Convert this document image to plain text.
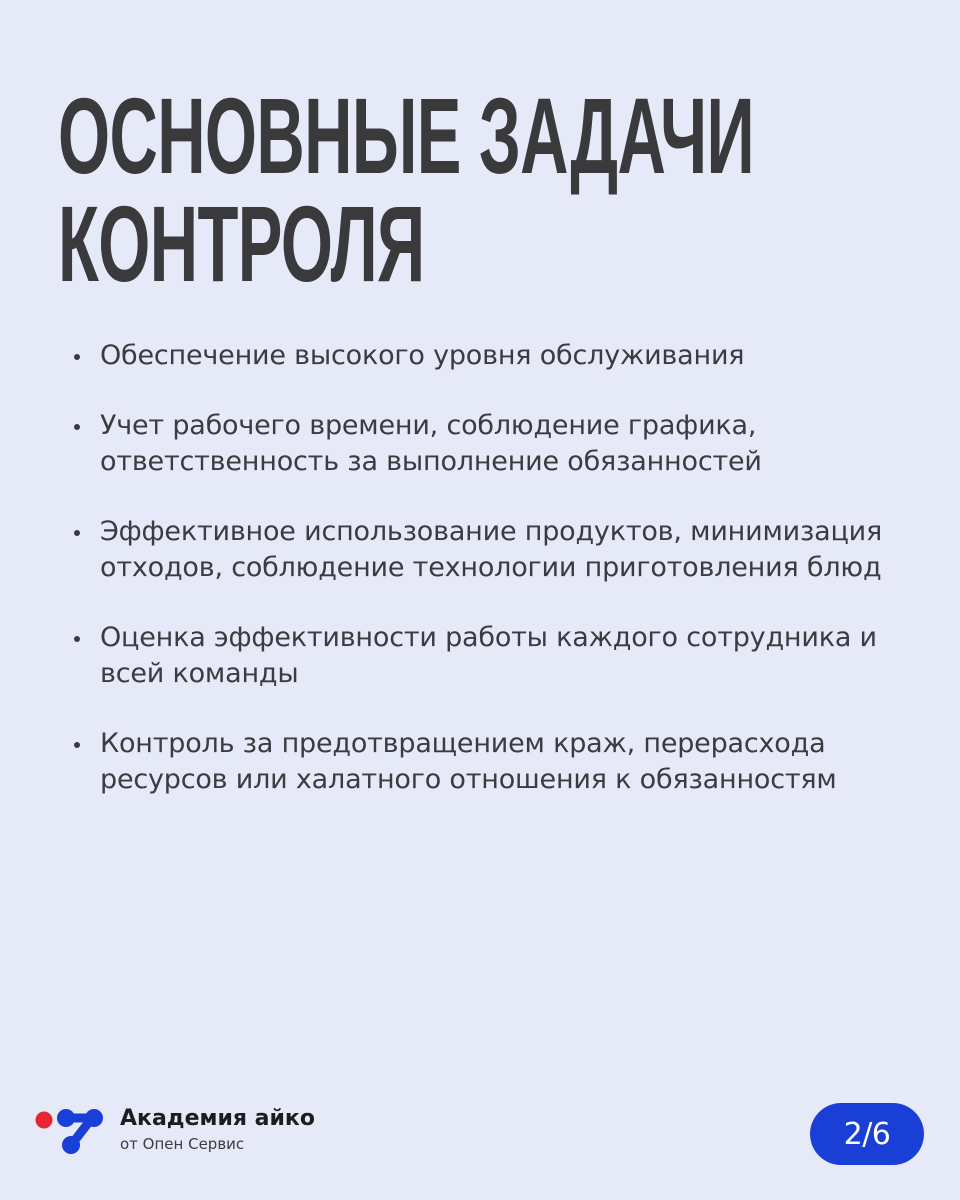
ОСНОВНЫЕ ЗАДАЧИ
КОНТРОЛЯ
Обеспечение высокого уровня обслуживания
Учет рабочего времени, соблюдение графика, ответственность за выполнение обязанностей
Эффективное использование продуктов, минимизация отходов, соблюдение технологии приготовления блюд
Оценка эффективности работы каждого сотрудника и всей команды
Контроль за предотвращением краж, перерасхода ресурсов или халатного отношения к обязанностям
Академия айко
от Опен Сервис	2/6
